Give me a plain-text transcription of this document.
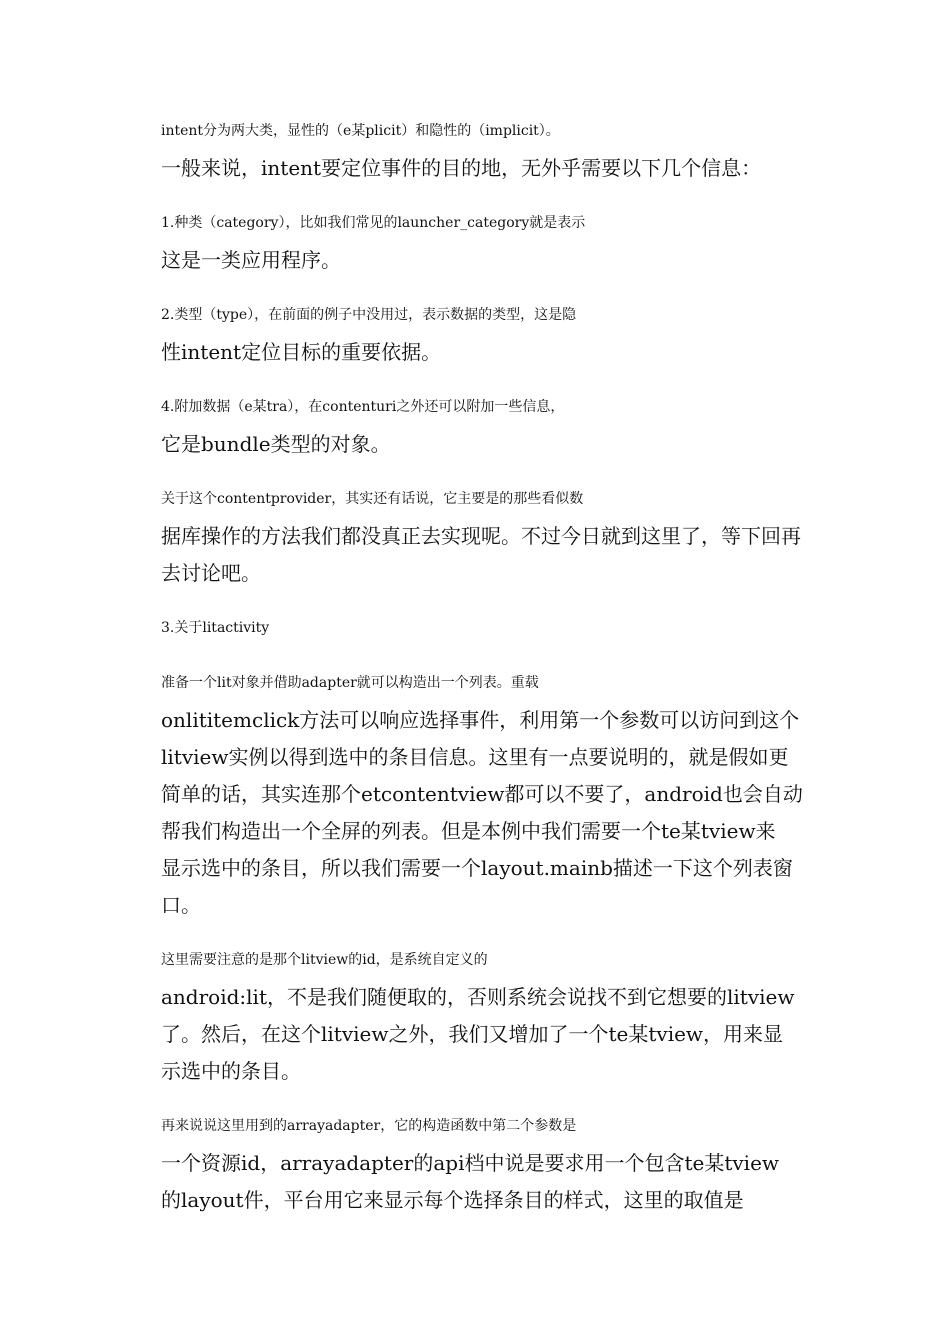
intent分为两大类，显性的（e某plicit）和隐性的（implicit）。
一般来说，intent要定位事件的目的地，无外乎需要以下几个信息：

1.种类（category），比如我们常见的launcher_category就是表示
这是一类应用程序。

2.类型（type），在前面的例子中没用过，表示数据的类型，这是隐
性intent定位目标的重要依据。

4.附加数据（e某tra），在contenturi之外还可以附加一些信息，
它是bundle类型的对象。

关于这个contentprovider，其实还有话说，它主要是的那些看似数
据库操作的方法我们都没真正去实现呢。不过今日就到这里了，等下回再
去讨论吧。

3.关于litactivity

准备一个lit对象并借助adapter就可以构造出一个列表。重载
onlititemclick方法可以响应选择事件，利用第一个参数可以访问到这个
litview实例以得到选中的条目信息。这里有一点要说明的，就是假如更
简单的话，其实连那个etcontentview都可以不要了，android也会自动
帮我们构造出一个全屏的列表。但是本例中我们需要一个te某tview来
显示选中的条目，所以我们需要一个layout.mainb描述一下这个列表窗
口。

这里需要注意的是那个litview的id，是系统自定义的
android:lit，不是我们随便取的，否则系统会说找不到它想要的litview
了。然后，在这个litview之外，我们又增加了一个te某tview，用来显
示选中的条目。

再来说说这里用到的arrayadapter，它的构造函数中第二个参数是
一个资源id，arrayadapter的api档中说是要求用一个包含te某tview
的layout件，平台用它来显示每个选择条目的样式，这里的取值是
